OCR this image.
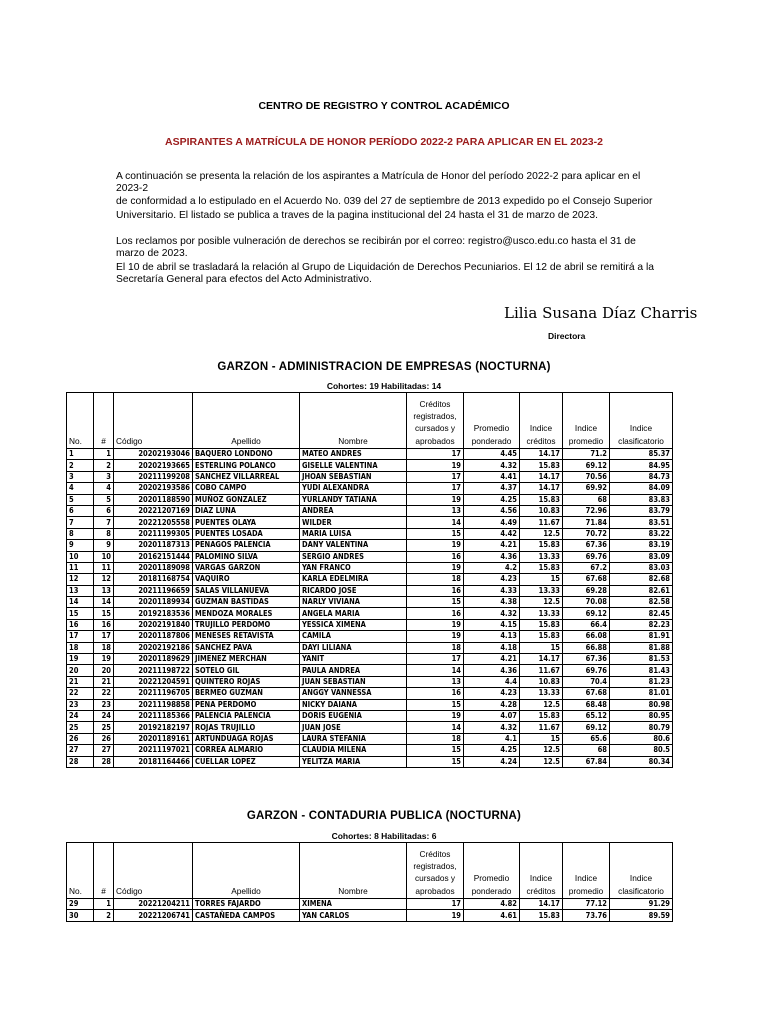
CENTRO DE REGISTRO Y CONTROL ACADÉMICO
ASPIRANTES A MATRÍCULA DE HONOR PERÍODO 2022-2 PARA APLICAR EN EL 2023-2
A continuación se presenta la relación de los aspirantes a Matrícula de Honor del período 2022-2 para aplicar en el 2023-2
de conformidad a lo estipulado en el Acuerdo No. 039 del 27 de septiembre de 2013 expedido po el Consejo Superior
Universitario. El listado se publica a traves de la pagina institucional del 24 hasta el 31 de marzo de 2023.
Los reclamos por posible vulneración de derechos se recibirán por el correo: registro@usco.edu.co hasta el 31 de marzo de 2023.
El 10 de abril se trasladará la relación al Grupo de Liquidación de Derechos Pecuniarios. El 12 de abril se remitirá a la Secretaría General para efectos del Acto Administrativo.
Lilia Susana Díaz Charris
Directora
GARZON - ADMINISTRACION DE EMPRESAS (NOCTURNA)
Cohortes: 19 Habilitadas: 14
No.	#	Código	Apellido	Nombre	Créditos registrados, cursados y aprobados	Promedio ponderado	Indice créditos	Indice promedio	Indice clasificatorio
1	1	20202193046	BAQUERO LONDONO	MATEO ANDRES	17	4.45	14.17	71.2	85.37
2	2	20202193665	ESTERLING POLANCO	GISELLE VALENTINA	19	4.32	15.83	69.12	84.95
3	3	20211199208	SANCHEZ VILLARREAL	JHOAN SEBASTIAN	17	4.41	14.17	70.56	84.73
4	4	20202193586	COBO CAMPO	YUDI ALEXANDRA	17	4.37	14.17	69.92	84.09
5	5	20201188590	MUÑOZ GONZALEZ	YURLANDY TATIANA	19	4.25	15.83	68	83.83
6	6	20221207169	DIAZ LUNA	ANDREA	13	4.56	10.83	72.96	83.79
7	7	20221205558	PUENTES OLAYA	WILDER	14	4.49	11.67	71.84	83.51
8	8	20211199305	PUENTES LOSADA	MARIA LUISA	15	4.42	12.5	70.72	83.22
9	9	20201187313	PENAGOS PALENCIA	DANY VALENTINA	19	4.21	15.83	67.36	83.19
10	10	20162151444	PALOMINO SILVA	SERGIO ANDRES	16	4.36	13.33	69.76	83.09
11	11	20201189098	VARGAS GARZON	YAN FRANCO	19	4.2	15.83	67.2	83.03
12	12	20181168754	VAQUIRO	KARLA EDELMIRA	18	4.23	15	67.68	82.68
13	13	20211196659	SALAS VILLANUEVA	RICARDO JOSE	16	4.33	13.33	69.28	82.61
14	14	20201189934	GUZMAN BASTIDAS	NARLY VIVIANA	15	4.38	12.5	70.08	82.58
15	15	20192183536	MENDOZA MORALES	ANGELA MARIA	16	4.32	13.33	69.12	82.45
16	16	20202191840	TRUJILLO PERDOMO	YESSICA XIMENA	19	4.15	15.83	66.4	82.23
17	17	20201187806	MENESES RETAVISTA	CAMILA	19	4.13	15.83	66.08	81.91
18	18	20202192186	SANCHEZ PAVA	DAYI LILIANA	18	4.18	15	66.88	81.88
19	19	20201189629	JIMENEZ MERCHAN	YANIT	17	4.21	14.17	67.36	81.53
20	20	20211198722	SOTELO GIL	PAULA ANDREA	14	4.36	11.67	69.76	81.43
21	21	20221204591	QUINTERO ROJAS	JUAN SEBASTIAN	13	4.4	10.83	70.4	81.23
22	22	20211196705	BERMEO GUZMAN	ANGGY VANNESSA	16	4.23	13.33	67.68	81.01
23	23	20211198858	PENA PERDOMO	NICKY DAIANA	15	4.28	12.5	68.48	80.98
24	24	20211185366	PALENCIA PALENCIA	DORIS EUGENIA	19	4.07	15.83	65.12	80.95
25	25	20192182197	ROJAS TRUJILLO	JUAN JOSE	14	4.32	11.67	69.12	80.79
26	26	20201189161	ARTUNDUAGA ROJAS	LAURA STEFANIA	18	4.1	15	65.6	80.6
27	27	20211197021	CORREA ALMARIO	CLAUDIA MILENA	15	4.25	12.5	68	80.5
28	28	20181164466	CUELLAR LOPEZ	YELITZA MARIA	15	4.24	12.5	67.84	80.34
GARZON - CONTADURIA PUBLICA (NOCTURNA)
Cohortes: 8 Habilitadas: 6
No.	#	Código	Apellido	Nombre	Créditos registrados, cursados y aprobados	Promedio ponderado	Indice créditos	Indice promedio	Indice clasificatorio
29	1	20221204211	TORRES FAJARDO	XIMENA	17	4.82	14.17	77.12	91.29
30	2	20221206741	CASTAÑEDA CAMPOS	YAN CARLOS	19	4.61	15.83	73.76	89.59
